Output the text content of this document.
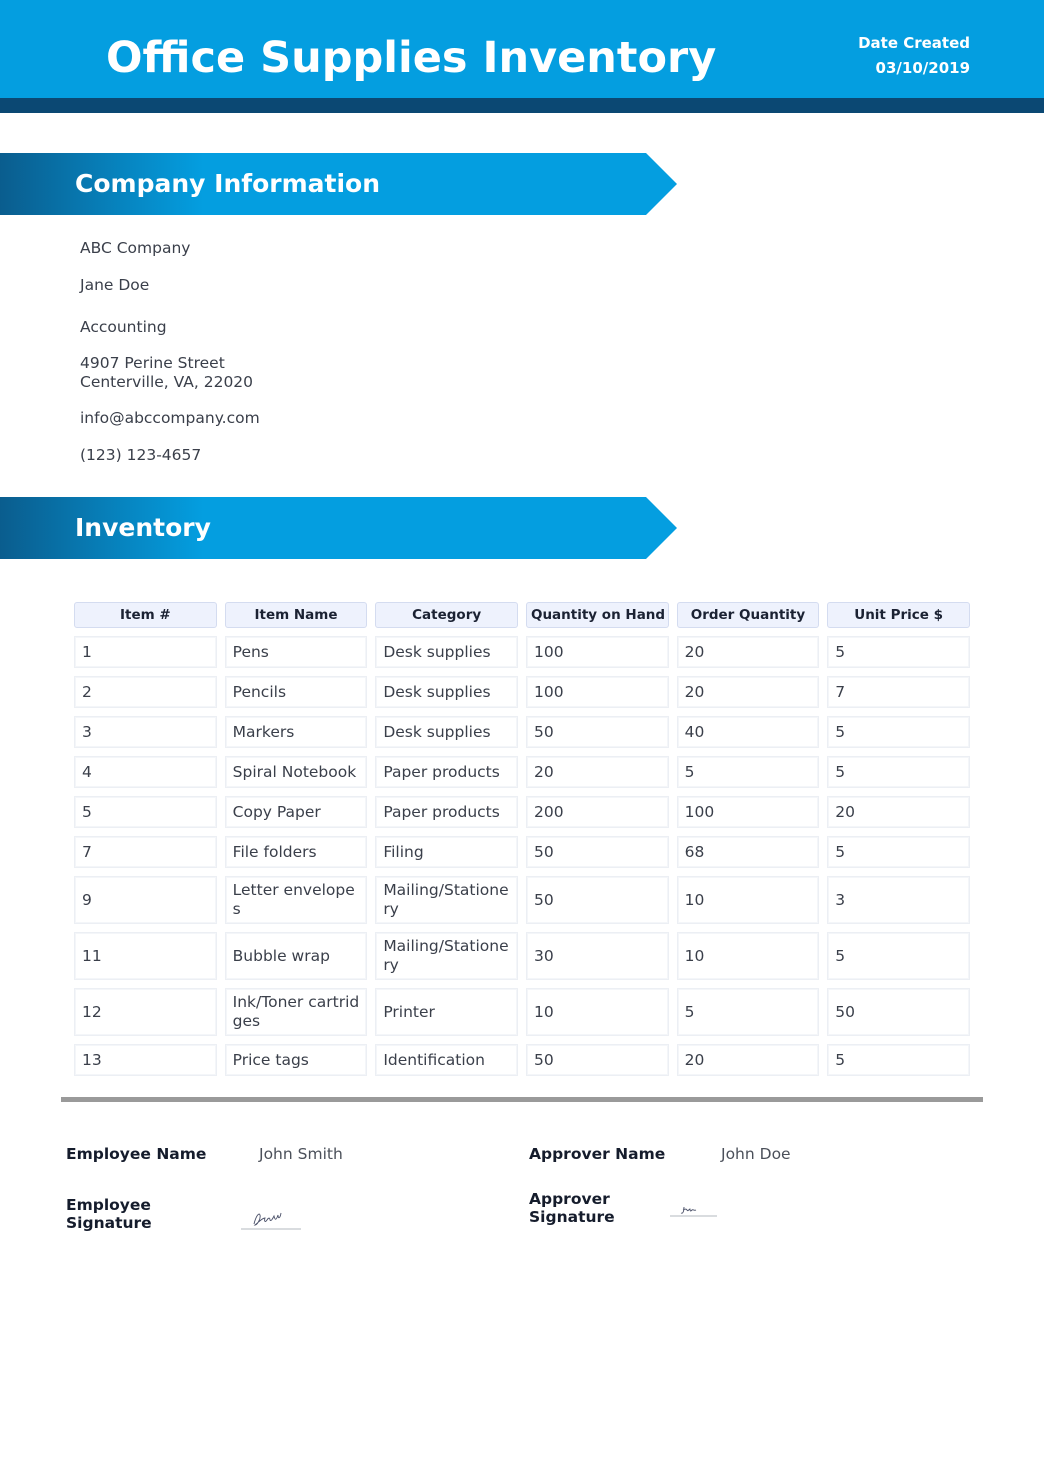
Office Supplies Inventory	Date Created
03/10/2019
Company Information
ABC Company
Jane Doe
Accounting
4907 Perine Street
Centerville, VA, 22020
info@abccompany.com
(123) 123-4657
Inventory
Item #	Item Name	Category	Quantity on Hand	Order Quantity	Unit Price $
1	Pens	Desk supplies	100	20	5
2	Pencils	Desk supplies	100	20	7
3	Markers	Desk supplies	50	40	5
4	Spiral Notebook	Paper products	20	5	5
5	Copy Paper	Paper products	200	100	20
7	File folders	Filing	50	68	5
9	Letter envelopes	Mailing/Stationery	50	10	3
11	Bubble wrap	Mailing/Stationery	30	10	5
12	Ink/Toner cartridges	Printer	10	5	50
13	Price tags	Identification	50	20	5
Employee Name	John Smith
Employee Signature
Approver Name	John Doe
Approver Signature
